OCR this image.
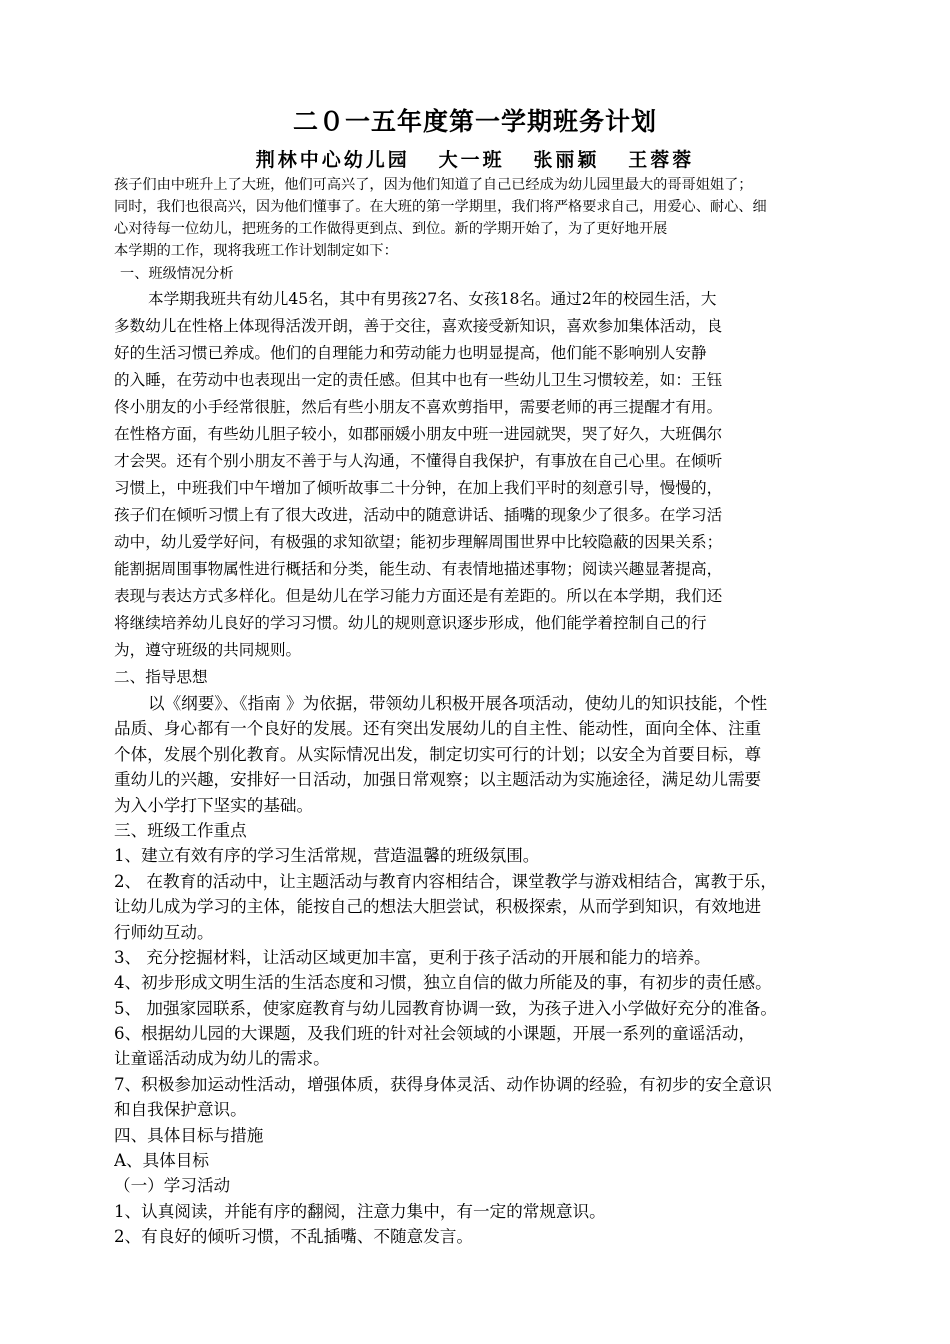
二０一五年度第一学期班务计划
荆林中心幼儿园   大一班   张丽颖   王蓉蓉
孩子们由中班升上了大班，他们可高兴了，因为他们知道了自己已经成为幼儿园里最大的哥哥姐姐了；
同时，我们也很高兴，因为他们懂事了。在大班的第一学期里，我们将严格要求自己，用爱心、耐心、细
心对待每一位幼儿，把班务的工作做得更到点、到位。新的学期开始了，为了更好地开展
本学期的工作，现将我班工作计划制定如下：
一、班级情况分析
本学期我班共有幼儿45名，其中有男孩27名、女孩18名。通过2年的校园生活，大
多数幼儿在性格上体现得活泼开朗，善于交往，喜欢接受新知识，喜欢参加集体活动，良
好的生活习惯已养成。他们的自理能力和劳动能力也明显提高，他们能不影响别人安静
的入睡，在劳动中也表现出一定的责任感。但其中也有一些幼儿卫生习惯较差，如：王钰
佟小朋友的小手经常很脏，然后有些小朋友不喜欢剪指甲，需要老师的再三提醒才有用。
在性格方面，有些幼儿胆子较小，如郡丽媛小朋友中班一进园就哭，哭了好久，大班偶尔
才会哭。还有个别小朋友不善于与人沟通，不懂得自我保护，有事放在自己心里。在倾听
习惯上，中班我们中午增加了倾听故事二十分钟，在加上我们平时的刻意引导，慢慢的，
孩子们在倾听习惯上有了很大改进，活动中的随意讲话、插嘴的现象少了很多。在学习活
动中，幼儿爱学好问，有极强的求知欲望；能初步理解周围世界中比较隐蔽的因果关系；
能割据周围事物属性进行概括和分类，能生动、有表情地描述事物；阅读兴趣显著提高，
表现与表达方式多样化。但是幼儿在学习能力方面还是有差距的。所以在本学期，我们还
将继续培养幼儿良好的学习习惯。幼儿的规则意识逐步形成，他们能学着控制自己的行
为，遵守班级的共同规则。
二、指导思想
以《纲要》、《指南 》为依据，带领幼儿积极开展各项活动，使幼儿的知识技能，个性
品质、身心都有一个良好的发展。还有突出发展幼儿的自主性、能动性，面向全体、注重
个体，发展个别化教育。从实际情况出发，制定切实可行的计划；以安全为首要目标，尊
重幼儿的兴趣，安排好一日活动，加强日常观察；以主题活动为实施途径，满足幼儿需要
为入小学打下坚实的基础。
三、班级工作重点
1、建立有效有序的学习生活常规，营造温馨的班级氛围。
2、 在教育的活动中，让主题活动与教育内容相结合，课堂教学与游戏相结合，寓教于乐，
让幼儿成为学习的主体，能按自己的想法大胆尝试，积极探索，从而学到知识，有效地进
行师幼互动。
3、 充分挖掘材料，让活动区域更加丰富，更利于孩子活动的开展和能力的培养。
4、初步形成文明生活的生活态度和习惯，独立自信的做力所能及的事，有初步的责任感。
5、 加强家园联系，使家庭教育与幼儿园教育协调一致，为孩子进入小学做好充分的准备。
6、根据幼儿园的大课题，及我们班的针对社会领域的小课题，开展一系列的童谣活动，
让童谣活动成为幼儿的需求。
7、积极参加运动性活动，增强体质，获得身体灵活、动作协调的经验，有初步的安全意识
和自我保护意识。
四、具体目标与措施
A、具体目标
（一）学习活动
1、认真阅读，并能有序的翻阅，注意力集中，有一定的常规意识。
2、有良好的倾听习惯，不乱插嘴、不随意发言。
